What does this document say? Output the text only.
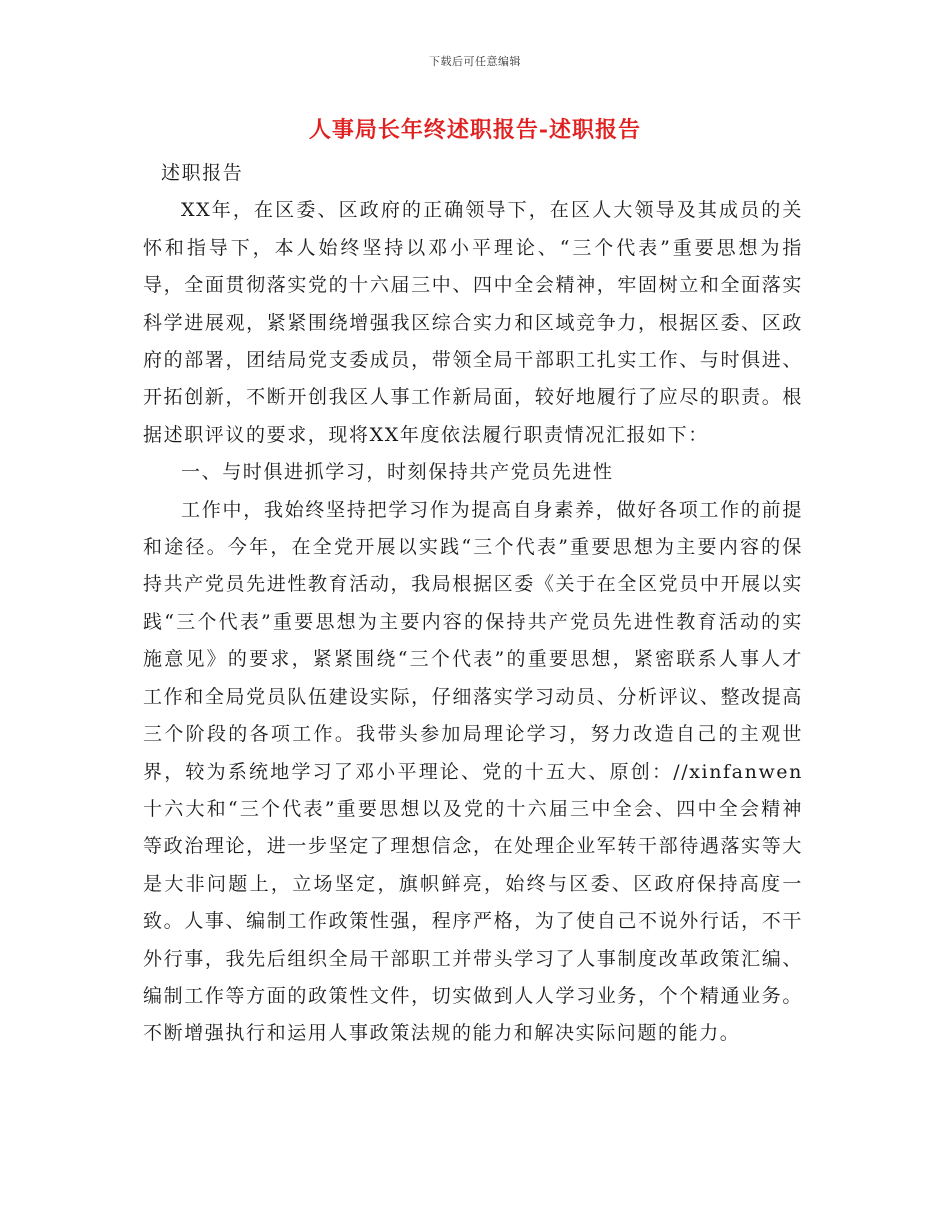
下载后可任意编辑
人事局长年终述职报告-述职报告

述职报告

XX年，在区委、区政府的正确领导下，在区人大领导及其成员的关怀和指导下，本人始终坚持以邓小平理论、“三个代表”重要思想为指导，全面贯彻落实党的十六届三中、四中全会精神，牢固树立和全面落实科学进展观，紧紧围绕增强我区综合实力和区域竞争力，根据区委、区政府的部署，团结局党支委成员，带领全局干部职工扎实工作、与时俱进、开拓创新，不断开创我区人事工作新局面，较好地履行了应尽的职责。根据述职评议的要求，现将XX年度依法履行职责情况汇报如下：

一、与时俱进抓学习，时刻保持共产党员先进性

工作中，我始终坚持把学习作为提高自身素养，做好各项工作的前提和途径。今年，在全党开展以实践“三个代表”重要思想为主要内容的保持共产党员先进性教育活动，我局根据区委《关于在全区党员中开展以实践“三个代表”重要思想为主要内容的保持共产党员先进性教育活动的实施意见》的要求，紧紧围绕“三个代表”的重要思想，紧密联系人事人才工作和全局党员队伍建设实际，仔细落实学习动员、分析评议、整改提高三个阶段的各项工作。我带头参加局理论学习，努力改造自己的主观世界，较为系统地学习了邓小平理论、党的十五大、原创：//xinfanwen十六大和“三个代表”重要思想以及党的十六届三中全会、四中全会精神等政治理论，进一步坚定了理想信念，在处理企业军转干部待遇落实等大是大非问题上，立场坚定，旗帜鲜亮，始终与区委、区政府保持高度一致。人事、编制工作政策性强，程序严格，为了使自己不说外行话，不干外行事，我先后组织全局干部职工并带头学习了人事制度改革政策汇编、编制工作等方面的政策性文件，切实做到人人学习业务，个个精通业务。不断增强执行和运用人事政策法规的能力和解决实际问题的能力。
